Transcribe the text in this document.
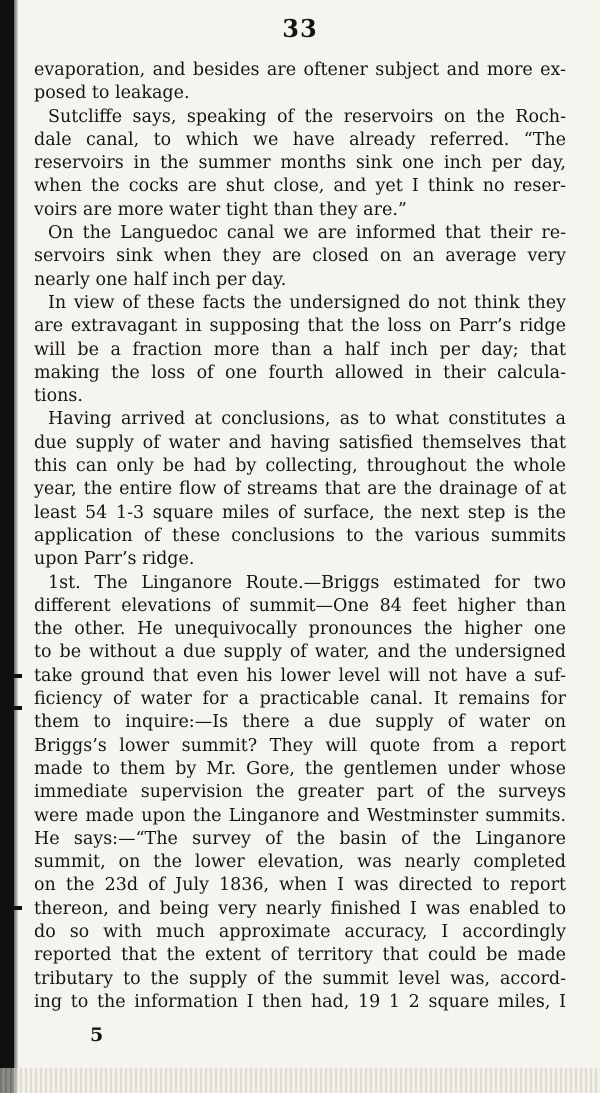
33
evaporation, and besides are oftener subject and more ex-
posed to leakage.
Sutcliffe says, speaking of the reservoirs on the Roch-
dale canal, to which we have already referred. “The
reservoirs in the summer months sink one inch per day,
when the cocks are shut close, and yet I think no reser-
voirs are more water tight than they are.”
On the Languedoc canal we are informed that their re-
servoirs sink when they are closed on an average very
nearly one half inch per day.
In view of these facts the undersigned do not think they
are extravagant in supposing that the loss on Parr’s ridge
will be a fraction more than a half inch per day; that
making the loss of one fourth allowed in their calcula-
tions.
Having arrived at conclusions, as to what constitutes a
due supply of water and having satisfied themselves that
this can only be had by collecting, throughout the whole
year, the entire flow of streams that are the drainage of at
least 54 1-3 square miles of surface, the next step is the
application of these conclusions to the various summits
upon Parr’s ridge.
1st. The Linganore Route.—Briggs estimated for two
different elevations of summit—One 84 feet higher than
the other. He unequivocally pronounces the higher one
to be without a due supply of water, and the undersigned
take ground that even his lower level will not have a suf-
ficiency of water for a practicable canal. It remains for
them to inquire:—Is there a due supply of water on
Briggs’s lower summit? They will quote from a report
made to them by Mr. Gore, the gentlemen under whose
immediate supervision the greater part of the surveys
were made upon the Linganore and Westminster summits.
He says:—“The survey of the basin of the Linganore
summit, on the lower elevation, was nearly completed
on the 23d of July 1836, when I was directed to report
thereon, and being very nearly finished I was enabled to
do so with much approximate accuracy, I accordingly
reported that the extent of territory that could be made
tributary to the supply of the summit level was, accord-
ing to the information I then had, 19 1 2 square miles, I
5
